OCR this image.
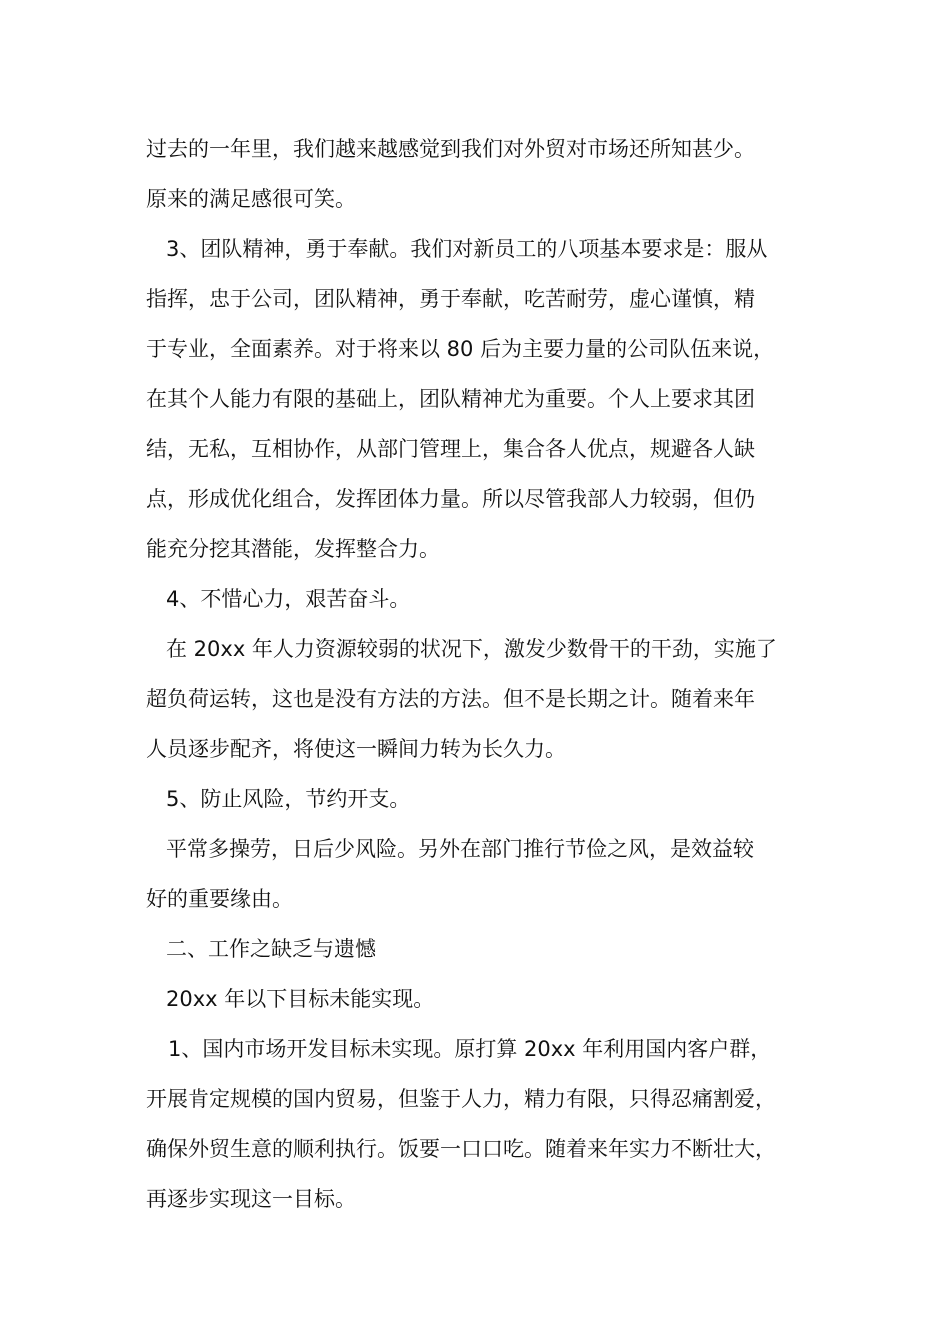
过去的一年里，我们越来越感觉到我们对外贸对市场还所知甚少。
原来的满足感很可笑。
3、团队精神，勇于奉献。我们对新员工的八项基本要求是：服从
指挥，忠于公司，团队精神，勇于奉献，吃苦耐劳，虚心谨慎，精
于专业，全面素养。对于将来以 80 后为主要力量的公司队伍来说，
在其个人能力有限的基础上，团队精神尤为重要。个人上要求其团
结，无私，互相协作，从部门管理上，集合各人优点，规避各人缺
点，形成优化组合，发挥团体力量。所以尽管我部人力较弱，但仍
能充分挖其潜能，发挥整合力。
4、不惜心力，艰苦奋斗。
在 20xx 年人力资源较弱的状况下，激发少数骨干的干劲，实施了
超负荷运转，这也是没有方法的方法。但不是长期之计。随着来年
人员逐步配齐，将使这一瞬间力转为长久力。
5、防止风险，节约开支。
平常多操劳，日后少风险。另外在部门推行节俭之风，是效益较
好的重要缘由。
二、工作之缺乏与遗憾
20xx 年以下目标未能实现。
1、国内市场开发目标未实现。原打算 20xx 年利用国内客户群，
开展肯定规模的国内贸易，但鉴于人力，精力有限，只得忍痛割爱，
确保外贸生意的顺利执行。饭要一口口吃。随着来年实力不断壮大，
再逐步实现这一目标。
